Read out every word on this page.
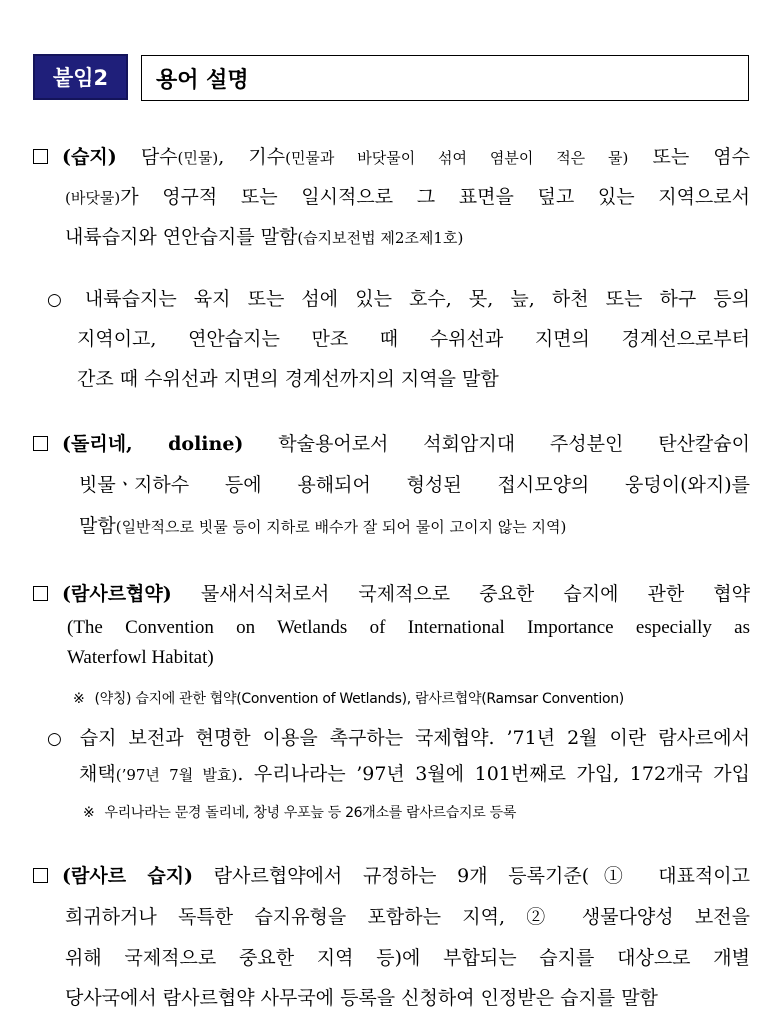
붙임2	용어 설명
(습지) 담수(민물), 기수(민물과 바닷물이 섞여 염분이 적은 물) 또는 염수
(바닷물)가 영구적 또는 일시적으로 그 표면을 덮고 있는 지역으로서
내륙습지와 연안습지를 말함(습지보전법 제2조제1호)
○ 내륙습지는 육지 또는 섬에 있는 호수, 못, 늪, 하천 또는 하구 등의
지역이고, 연안습지는 만조 때 수위선과 지면의 경계선으로부터
간조 때 수위선과 지면의 경계선까지의 지역을 말함
(돌리네, doline) 학술용어로서 석회암지대 주성분인 탄산칼슘이
빗물ㆍ지하수 등에 용해되어 형성된 접시모양의 웅덩이(와지)를
말함(일반적으로 빗물 등이 지하로 배수가 잘 되어 물이 고이지 않는 지역)
(람사르협약) 물새서식처로서 국제적으로 중요한 습지에 관한 협약
(The Convention on Wetlands of International Importance especially as
Waterfowl Habitat)
※ (약칭) 습지에 관한 협약(Convention of Wetlands), 람사르협약(Ramsar Convention)
○ 습지 보전과 현명한 이용을 촉구하는 국제협약. ’71년 2월 이란 람사르에서
채택(’97년 7월 발효). 우리나라는 ’97년 3월에 101번째로 가입, 172개국 가입
※ 우리나라는 문경 돌리네, 창녕 우포늪 등 26개소를 람사르습지로 등록
(람사르 습지) 람사르협약에서 규정하는 9개 등록기준(① 대표적이고
희귀하거나 독특한 습지유형을 포함하는 지역, ② 생물다양성 보전을
위해 국제적으로 중요한 지역 등)에 부합되는 습지를 대상으로 개별
당사국에서 람사르협약 사무국에 등록을 신청하여 인정받은 습지를 말함
